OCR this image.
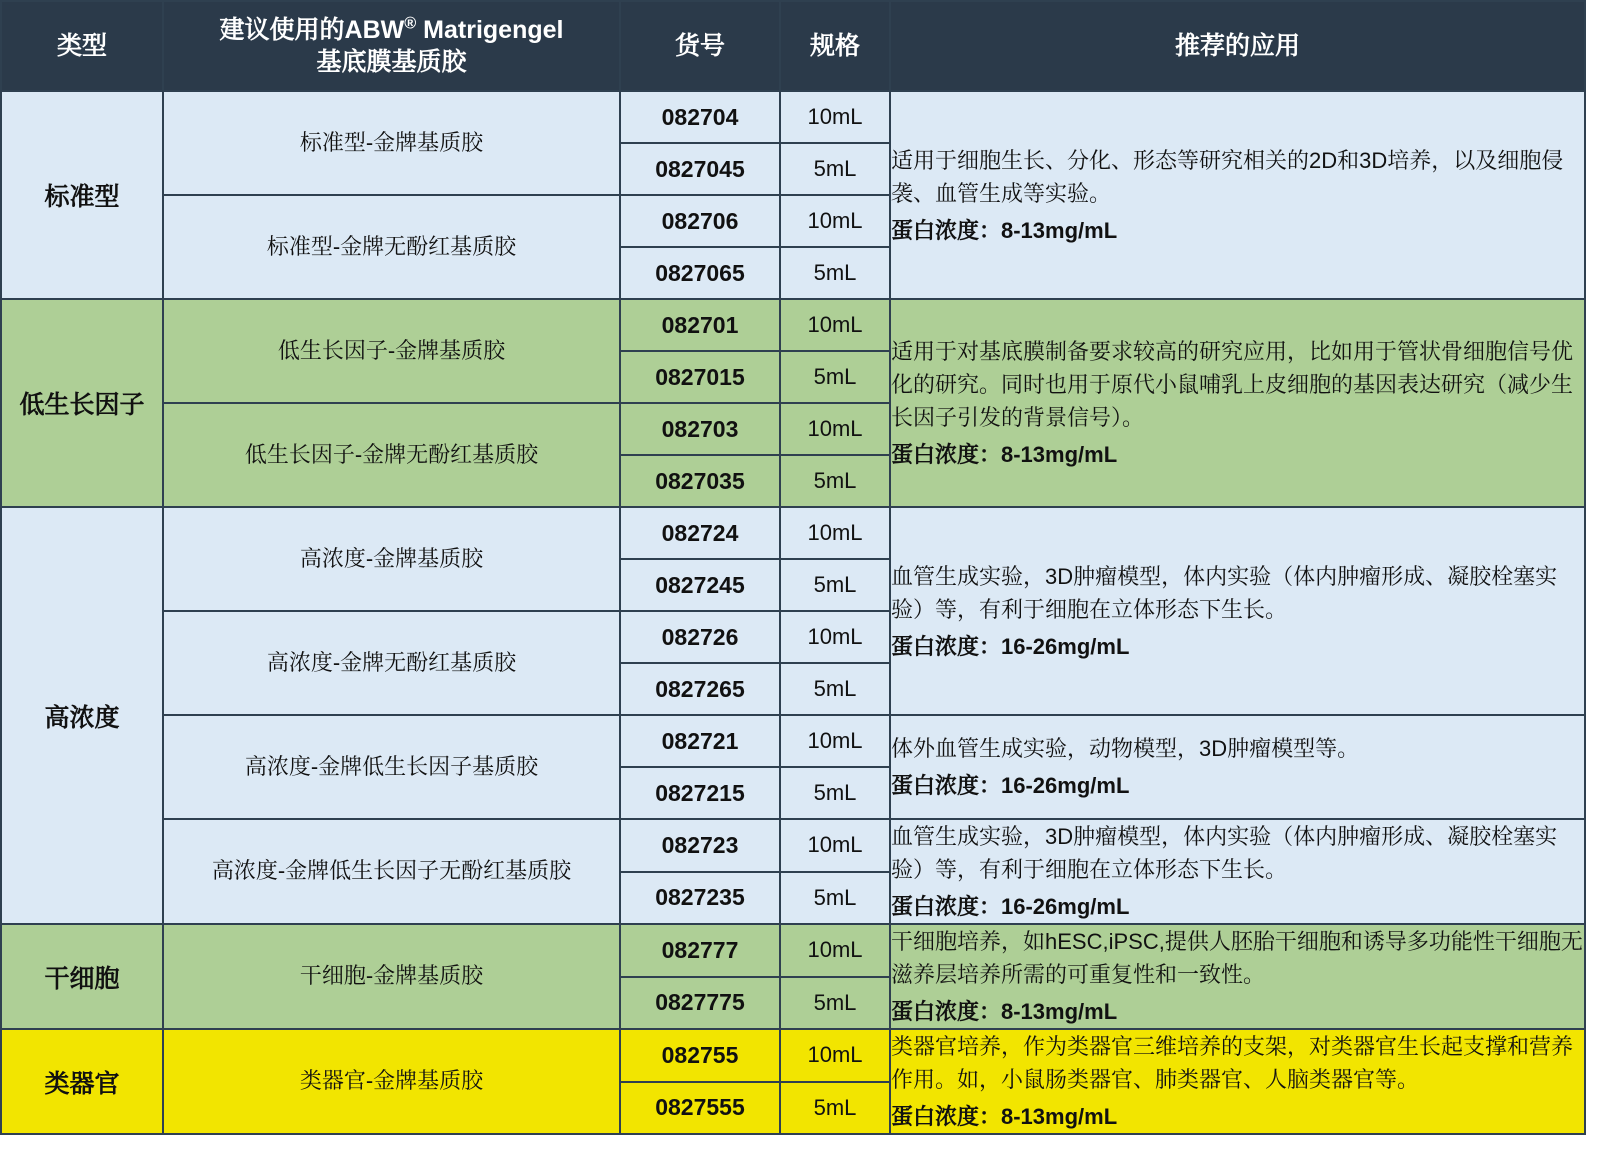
类型	建议使用的ABW® Matrigengel
基底膜基质胶	货号	规格	推荐的应用
标准型	标准型-金牌基质胶	082704	10mL	适用于细胞生长、分化、形态等研究相关的2D和3D培养，以及细胞侵袭、血管生成等实验。
蛋白浓度：8-13mg/mL

		0827045	5mL	
	标准型-金牌无酚红基质胶	082706	10mL	
		0827065	5mL	
低生长因子	低生长因子-金牌基质胶	082701	10mL	适用于对基底膜制备要求较高的研究应用，比如用于管状骨细胞信号优化的研究。同时也用于原代小鼠哺乳上皮细胞的基因表达研究（减少生长因子引发的背景信号）。
蛋白浓度：8-13mg/mL

		0827015	5mL	
	低生长因子-金牌无酚红基质胶	082703	10mL	
		0827035	5mL	
高浓度	高浓度-金牌基质胶	082724	10mL	血管生成实验，3D肿瘤模型，体内实验（体内肿瘤形成、凝胶栓塞实验）等，有利于细胞在立体形态下生长。
蛋白浓度：16-26mg/mL

		0827245	5mL	
	高浓度-金牌无酚红基质胶	082726	10mL	
		0827265	5mL	
	高浓度-金牌低生长因子基质胶	082721	10mL	体外血管生成实验，动物模型，3D肿瘤模型等。
蛋白浓度：16-26mg/mL

		0827215	5mL	
	高浓度-金牌低生长因子无酚红基质胶	082723	10mL	血管生成实验，3D肿瘤模型，体内实验（体内肿瘤形成、凝胶栓塞实验）等，有利于细胞在立体形态下生长。
蛋白浓度：16-26mg/mL

		0827235	5mL	
干细胞	干细胞-金牌基质胶	082777	10mL	干细胞培养，如hESC,iPSC,提供人胚胎干细胞和诱导多功能性干细胞无滋养层培养所需的可重复性和一致性。
蛋白浓度：8-13mg/mL

		0827775	5mL	
类器官	类器官-金牌基质胶	082755	10mL	类器官培养，作为类器官三维培养的支架，对类器官生长起支撑和营养作用。如，小鼠肠类器官、肺类器官、人脑类器官等。
蛋白浓度：8-13mg/mL

		0827555	5mL	
